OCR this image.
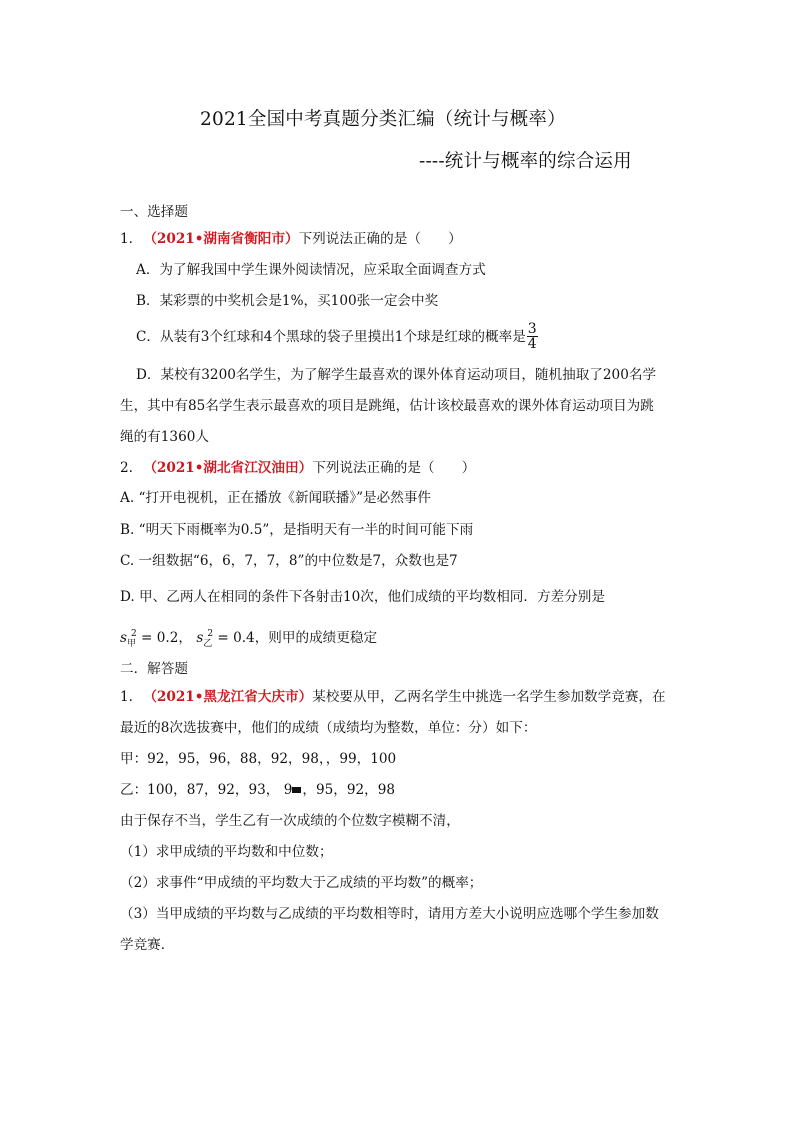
2021全国中考真题分类汇编（统计与概率）
----统计与概率的综合运用
一、选择题
1. （2021•湖南省衡阳市）下列说法正确的是（　　）
A．为了解我国中学生课外阅读情况，应采取全面调查方式
B．某彩票的中奖机会是1%，买100张一定会中奖
C．从装有3个红球和4个黑球的袋子里摸出1个球是红球的概率是 $\frac{3}{4}$
D．某校有3200名学生，为了解学生最喜欢的课外体育运动项目，随机抽取了200名学
生，其中有85名学生表示最喜欢的项目是跳绳，估计该校最喜欢的课外体育运动项目为跳
绳的有1360人
2. （2021•湖北省江汉油田）下列说法正确的是（　　）
A. “打开电视机，正在播放《新闻联播》”是必然事件
B. “明天下雨概率为0.5”，是指明天有一半的时间可能下雨
C. 一组数据“6，6，7，7，8”的中位数是7，众数也是7
D. 甲、乙两人在相同的条件下各射击10次，他们成绩的平均数相同．方差分别是
$s_甲^2 = 0.2$， $s_乙^2 = 0.4$，则甲的成绩更稳定
二．解答题
1. （2021•黑龙江省大庆市）某校要从甲，乙两名学生中挑选一名学生参加数学竞赛，在
最近的8次选拔赛中，他们的成绩（成绩均为整数，单位：分）如下：
甲：92，95，96，88，92，98，，99，100
乙：100，87，92，93， 9 ，95，92，98
由于保存不当，学生乙有一次成绩的个位数字模糊不清，
（1）求甲成绩的平均数和中位数；
（2）求事件“甲成绩的平均数大于乙成绩的平均数”的概率；
（3）当甲成绩的平均数与乙成绩的平均数相等时，请用方差大小说明应选哪个学生参加数
学竞赛．
